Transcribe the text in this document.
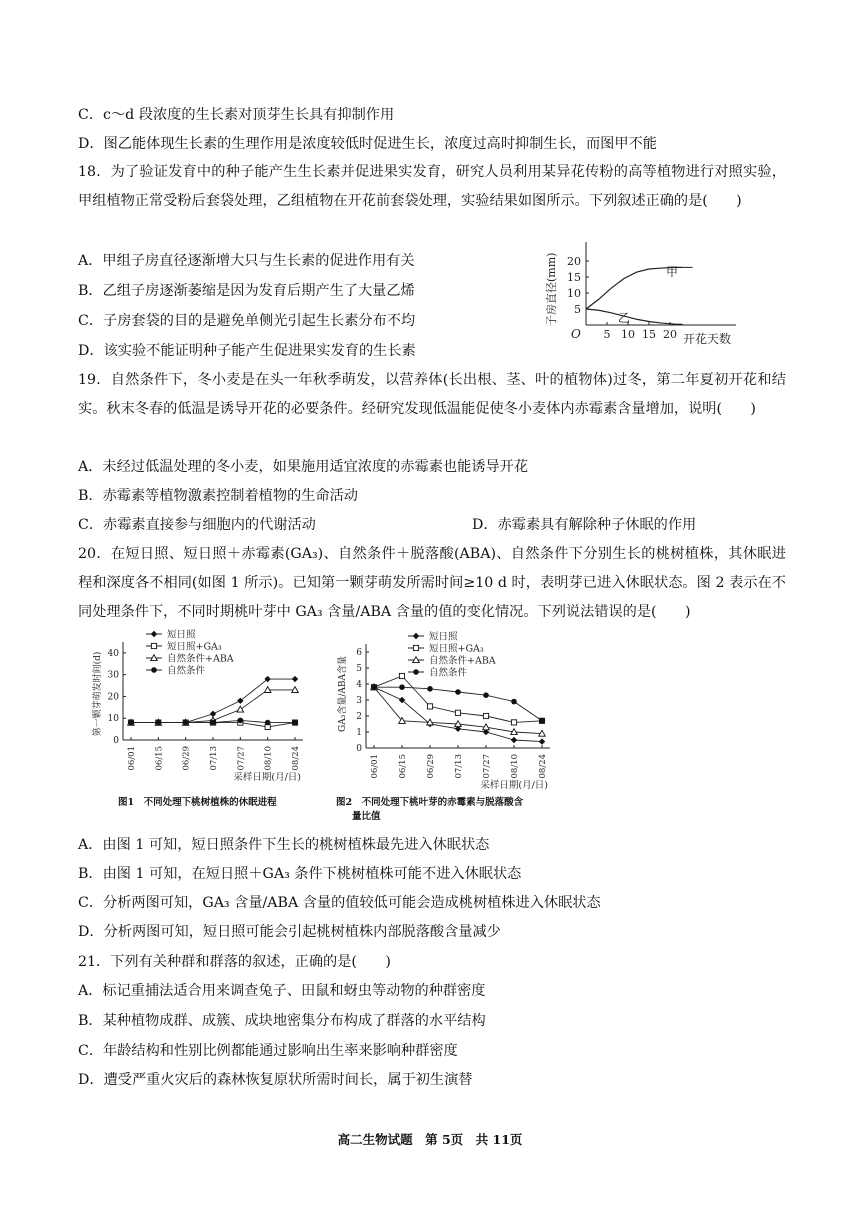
C．c～d 段浓度的生长素对顶芽生长具有抑制作用
D．图乙能体现生长素的生理作用是浓度较低时促进生长，浓度过高时抑制生长，而图甲不能
18．为了验证发育中的种子能产生生长素并促进果实发育，研究人员利用某异花传粉的高等植物进行对照实验，甲组植物正常受粉后套袋处理，乙组植物在开花前套袋处理，实验结果如图所示。下列叙述正确的是(　　)
A．甲组子房直径逐渐增大只与生长素的促进作用有关
B．乙组子房逐渐萎缩是因为发育后期产生了大量乙烯
C．子房套袋的目的是避免单侧光引起生长素分布不均
D．该实验不能证明种子能产生促进果实发育的生长素
子房直径(mm)
开花天数
O
5
10
15
20
5 10 15 20
甲
乙
19．自然条件下，冬小麦是在头一年秋季萌发，以营养体(长出根、茎、叶的植物体)过冬，第二年夏初开花和结实。秋末冬春的低温是诱导开花的必要条件。经研究发现低温能促使冬小麦体内赤霉素含量增加，说明(　　)
A．未经过低温处理的冬小麦，如果施用适宜浓度的赤霉素也能诱导开花
B．赤霉素等植物激素控制着植物的生命活动
C．赤霉素直接参与细胞内的代谢活动	D．赤霉素具有解除种子休眠的作用
20．在短日照、短日照＋赤霉素(GA₃)、自然条件＋脱落酸(ABA)、自然条件下分别生长的桃树植株，其休眠进程和深度各不相同(如图 1 所示)。已知第一颗芽萌发所需时间≥10 d 时，表明芽已进入休眠状态。图 2 表示在不同处理条件下，不同时期桃叶芽中 GA₃ 含量/ABA 含量的值的变化情况。下列说法错误的是(　　)
0
10
20
30
40
06/01 06/15 06/29 07/13 07/27 08/10 08/24
采样日期(月/日)
第一颗芽萌发时间(d)
短日照
短日照+GA₃
自然条件+ABA
自然条件
图1　不同处理下桃树植株的休眠进程
0
1
2
3
4
5
6
06/01 06/15 06/29 07/13 07/27 08/10 08/24
采样日期(月/日)
GA₃含量/ABA含量
短日照
短日照+GA₃
自然条件+ABA
自然条件
图2　不同处理下桃叶芽的赤霉素与脱落酸含
量比值
A．由图 1 可知，短日照条件下生长的桃树植株最先进入休眠状态
B．由图 1 可知，在短日照＋GA₃ 条件下桃树植株可能不进入休眠状态
C．分析两图可知，GA₃ 含量/ABA 含量的值较低可能会造成桃树植株进入休眠状态
D．分析两图可知，短日照可能会引起桃树植株内部脱落酸含量减少
21．下列有关种群和群落的叙述，正确的是(　　)
A．标记重捕法适合用来调查兔子、田鼠和蚜虫等动物的种群密度
B．某种植物成群、成簇、成块地密集分布构成了群落的水平结构
C．年龄结构和性别比例都能通过影响出生率来影响种群密度
D．遭受严重火灾后的森林恢复原状所需时间长，属于初生演替
高二生物试题　第 5页　共 11页
